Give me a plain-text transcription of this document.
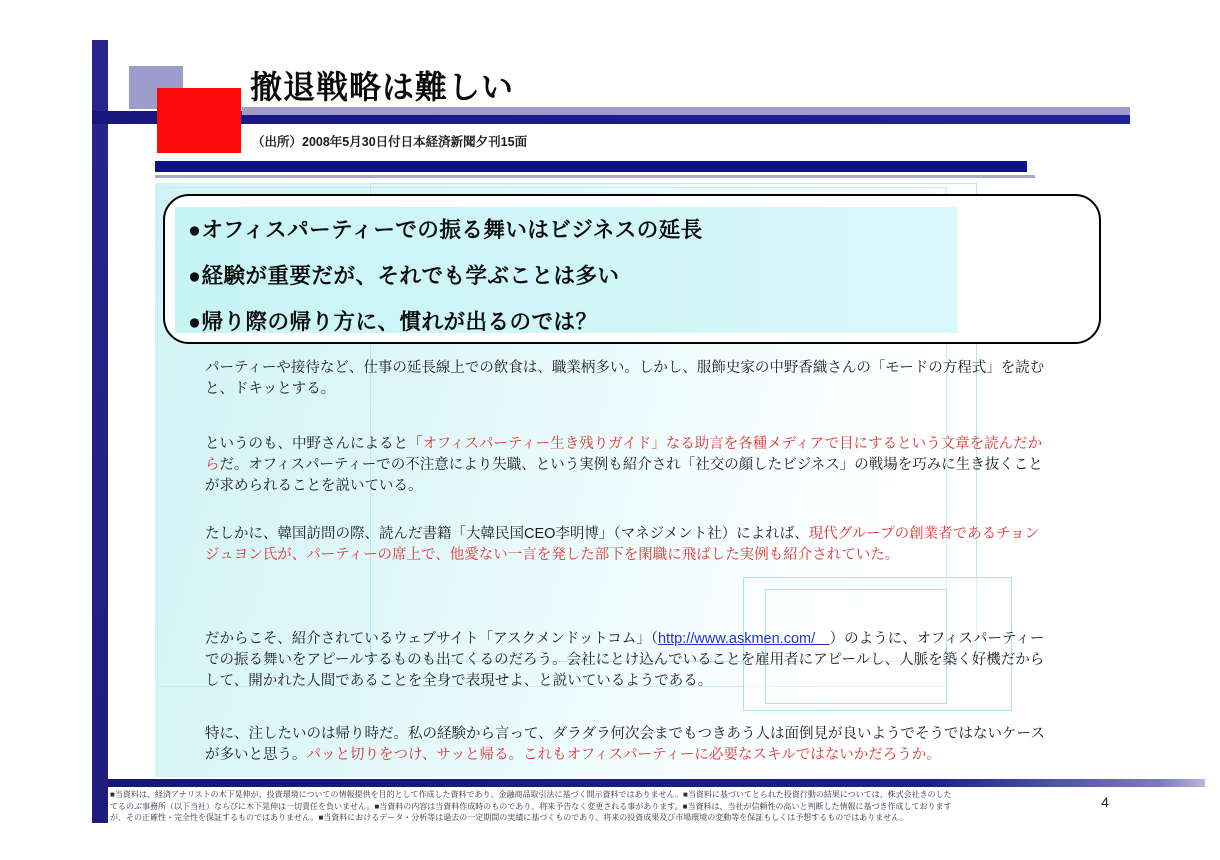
撤退戦略は難しい
（出所）2008年5月30日付日本経済新聞夕刊15面
●オフィスパーティーでの振る舞いはビジネスの延長
●経験が重要だが、それでも学ぶことは多い
●帰り際の帰り方に、慣れが出るのでは？
パーティーや接待など、仕事の延長線上での飲食は、職業柄多い。しかし、服飾史家の中野香織さんの「モードの方程式」を読むと、ドキッとする。
というのも、中野さんによると「オフィスパーティー生き残りガイド」なる助言を各種メディアで目にするという文章を読んだからだ。オフィスパーティーでの不注意により失職、という実例も紹介され「社交の顔したビジネス」の戦場を巧みに生き抜くことが求められることを説いている。
たしかに、韓国訪問の際、読んだ書籍「大韓民国CEO李明博」（マネジメント社）によれば、現代グループの創業者であるチョンジュヨン氏が、パーティーの席上で、他愛ない一言を発した部下を閑職に飛ばした実例も紹介されていた。
だからこそ、紹介されているウェブサイト「アスクメンドットコム」（http://www.askmen.com/　）のように、オフィスパーティーでの振る舞いをアピールするものも出てくるのだろう。会社にとけ込んでいることを雇用者にアピールし、人脈を築く好機だからして、開かれた人間であることを全身で表現せよ、と説いているようである。
特に、注したいのは帰り時だ。私の経験から言って、ダラダラ何次会までもつきあう人は面倒見が良いようでそうではないケースが多いと思う。パッと切りをつけ、サッと帰る。これもオフィスパーティーに必要なスキルではないかだろうか。
■当資料は、経済アナリストの木下晃伸が、投資環境についての情報提供を目的として作成した資料であり、金融商品取引法に基づく開示資料ではありません。■当資料に基づいてとられた投資行動の結果については、株式会社きのした
てるのぶ事務所（以下当社）ならびに木下晃伸は一切責任を負いません。■当資料の内容は当資料作成時のものであり、将来予告なく変更される事があります。■当資料は、当社が信頼性の高いと判断した情報に基づき作成しております
が、その正確性・完全性を保証するものではありません。■当資料におけるデータ・分析等は過去の一定期間の実績に基づくものであり、将来の投資成果及び市場環境の変動等を保証もしくは予想するものではありません。
4
